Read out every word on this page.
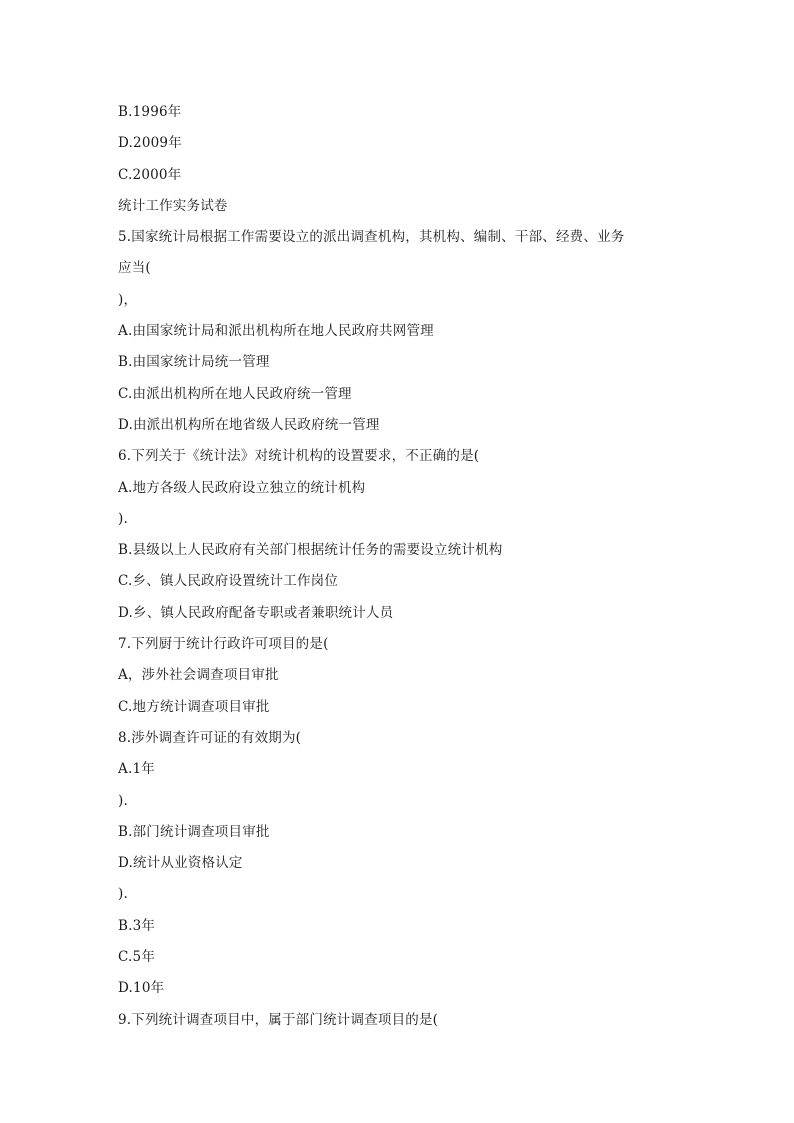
B.1996年
D.2009年
C.2000年
统计工作实务试卷
5.国家统计局根据工作需要设立的派出调查机构，其机构、编制、干部、经费、业务
应当(
)，
A.由国家统计局和派出机构所在地人民政府共网管理
B.由国家统计局统一管理
C.由派出机构所在地人民政府统一管理
D.由派出机构所在地省级人民政府统一管理
6.下列关于《统计法》对统计机构的设置要求，不正确的是(
A.地方各级人民政府设立独立的统计机构
).
B.县级以上人民政府有关部门根据统计任务的需要设立统计机构
C.乡、镇人民政府设置统计工作岗位
D.乡、镇人民政府配备专职或者兼职统计人员
7.下列厨于统计行政许可项目的是(
A，涉外社会调查项目审批
C.地方统计调查项目审批
8.涉外调查许可证的有效期为(
A.1年
).
B.部门统计调查项目审批
D.统计从业资格认定
).
B.3年
C.5年
D.10年
9.下列统计调查项目中，属于部门统计调查项目的是(
